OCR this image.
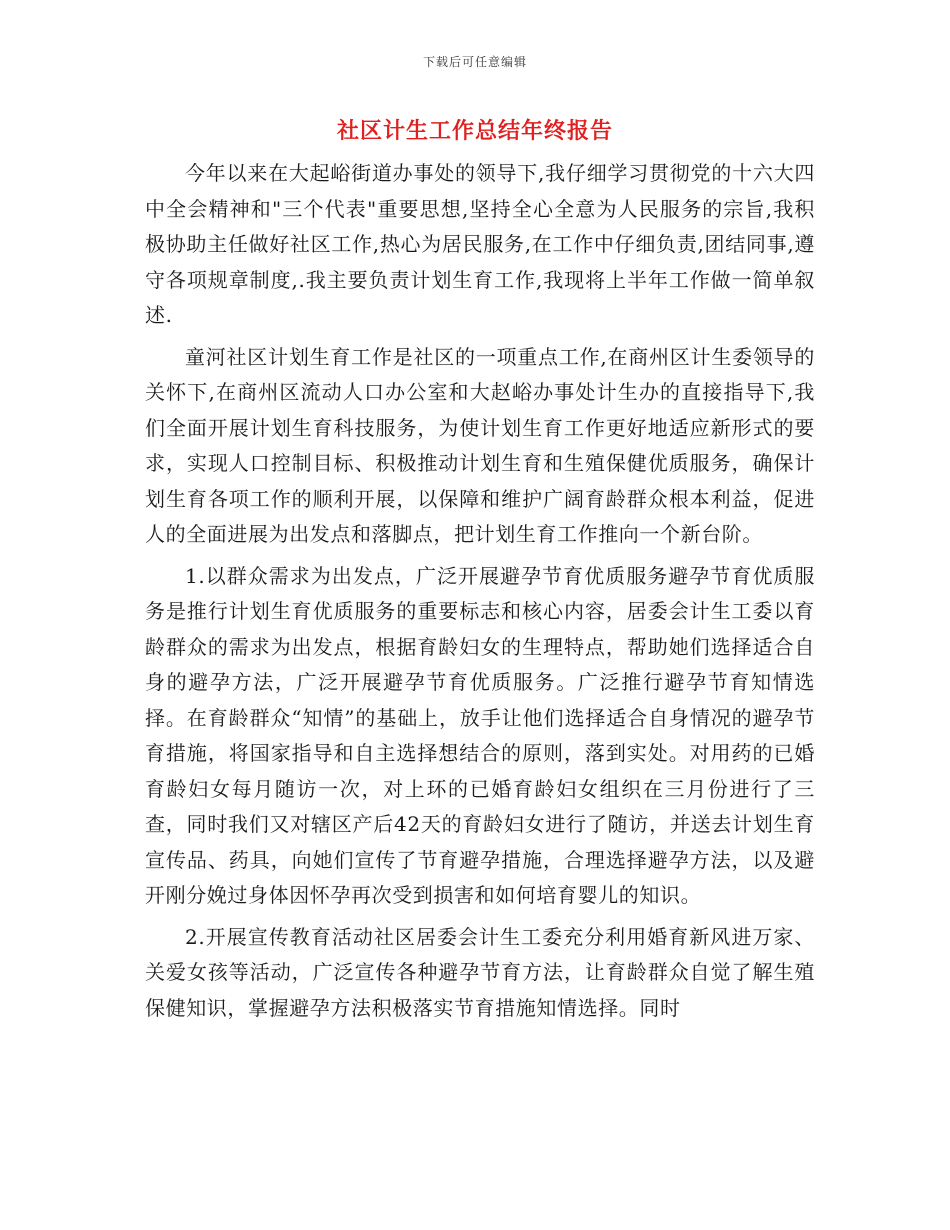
下载后可任意编辑
社区计生工作总结年终报告

今年以来在大起峪街道办事处的领导下,我仔细学习贯彻党的十六大四中全会精神和"三个代表"重要思想,坚持全心全意为人民服务的宗旨,我积极协助主任做好社区工作,热心为居民服务,在工作中仔细负责,团结同事,遵守各项规章制度,.我主要负责计划生育工作,我现将上半年工作做一简单叙述.

童河社区计划生育工作是社区的一项重点工作,在商州区计生委领导的关怀下,在商州区流动人口办公室和大赵峪办事处计生办的直接指导下,我们全面开展计划生育科技服务，为使计划生育工作更好地适应新形式的要求，实现人口控制目标、积极推动计划生育和生殖保健优质服务，确保计划生育各项工作的顺利开展，以保障和维护广阔育龄群众根本利益，促进人的全面进展为出发点和落脚点，把计划生育工作推向一个新台阶。

1.以群众需求为出发点，广泛开展避孕节育优质服务避孕节育优质服务是推行计划生育优质服务的重要标志和核心内容，居委会计生工委以育龄群众的需求为出发点，根据育龄妇女的生理特点，帮助她们选择适合自身的避孕方法，广泛开展避孕节育优质服务。广泛推行避孕节育知情选择。在育龄群众“知情”的基础上，放手让他们选择适合自身情况的避孕节育措施，将国家指导和自主选择想结合的原则，落到实处。对用药的已婚育龄妇女每月随访一次，对上环的已婚育龄妇女组织在三月份进行了三查，同时我们又对辖区产后42天的育龄妇女进行了随访，并送去计划生育宣传品、药具，向她们宣传了节育避孕措施，合理选择避孕方法，以及避开刚分娩过身体因怀孕再次受到损害和如何培育婴儿的知识。

2.开展宣传教育活动社区居委会计生工委充分利用婚育新风进万家、关爱女孩等活动，广泛宣传各种避孕节育方法，让育龄群众自觉了解生殖保健知识，掌握避孕方法积极落实节育措施知情选择。同时
